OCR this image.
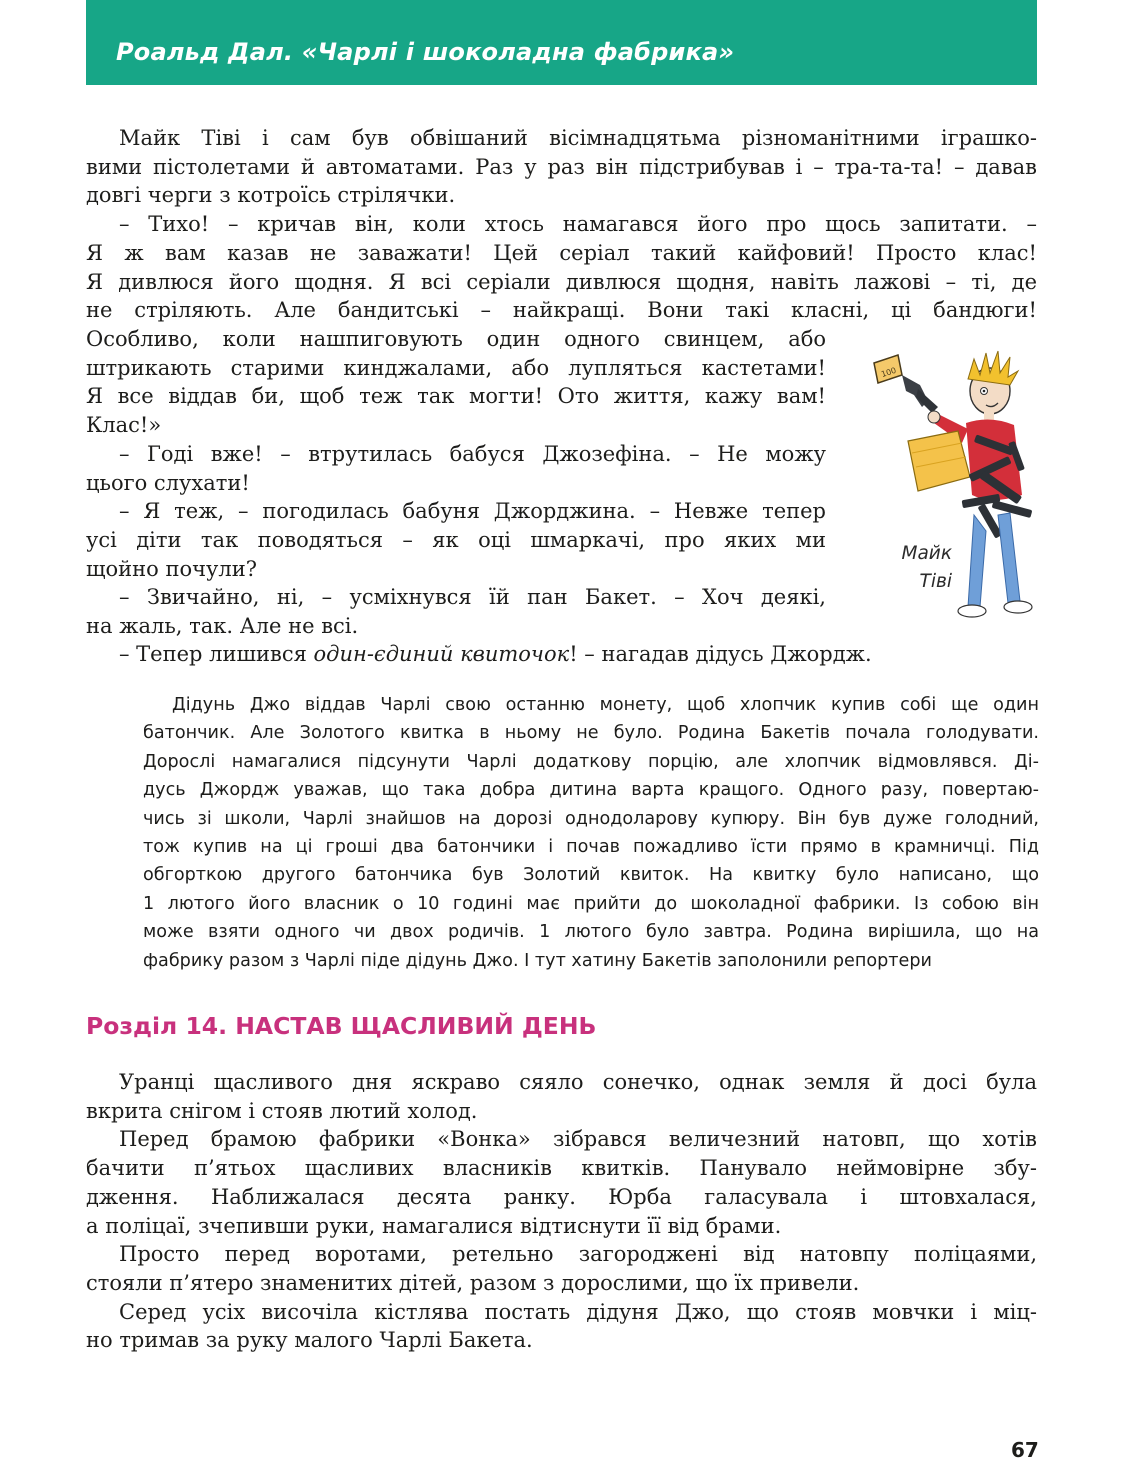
Роальд Дал. «Чарлі і шоколадна фабрика»

Майк Тіві і сам був обвішаний вісімнадцятьма різноманітними іграшко-
вими пістолетами й автоматами. Раз у раз він підстрибував і – тра-та-та! – давав
довгі черги з котроїсь стрілячки.

– Тихо! – кричав він, коли хтось намагався його про щось запитати. –
Я ж вам казав не заважати! Цей серіал такий кайфовий! Просто клас!
Я дивлюся його щодня. Я всі серіали дивлюся щодня, навіть лажові – ті, де
не стріляють. Але бандитські – найкращі. Вони такі класні, ці бандюги!

Особливо, коли нашпиговують один одного свинцем, або
штрикають старими кинджалами, або лупляться кастетами!
Я все віддав би, щоб теж так могти! Ото життя, кажу вам!
Клас!»

– Годі вже! – втрутилась бабуся Джозефіна. – Не можу
цього слухати!

– Я теж, – погодилась бабуня Джорджина. – Невже тепер
усі діти так поводяться – як оці шмаркачі, про яких ми
щойно почули?

– Звичайно, ні, – усміхнувся їй пан Бакет. – Хоч деякі,
на жаль, так. Але не всі.

– Тепер лишився один-єдиний квиточок! – нагадав дідусь Джордж.

100
Майк
Тіві

Дідунь Джо віддав Чарлі свою останню монету, щоб хлопчик купив собі ще один
батончик. Але Золотого квитка в ньому не було. Родина Бакетів почала голодувати.
Дорослі намагалися підсунути Чарлі додаткову порцію, але хлопчик відмовлявся. Ді-
дусь Джордж уважав, що така добра дитина варта кращого. Одного разу, повертаю-
чись зі школи, Чарлі знайшов на дорозі однодоларову купюру. Він був дуже голодний,
тож купив на ці гроші два батончики і почав пожадливо їсти прямо в крамничці. Під
обгорткою другого батончика був Золотий квиток. На квитку було написано, що
1 лютого його власник о 10 годині має прийти до шоколадної фабрики. Із собою він
може взяти одного чи двох родичів. 1 лютого було завтра. Родина вирішила, що на
фабрику разом з Чарлі піде дідунь Джо. І тут хатину Бакетів заполонили репортери

Розділ 14. НАСТАВ ЩАСЛИВИЙ ДЕНЬ

Уранці щасливого дня яскраво сяяло сонечко, однак земля й досі була
вкрита снігом і стояв лютий холод.

Перед брамою фабрики «Вонка» зібрався величезний натовп, що хотів
бачити п’ятьох щасливих власників квитків. Панувало неймовірне збу-
дження. Наближалася десята ранку. Юрба галасувала і штовхалася,
а поліцаї, зчепивши руки, намагалися відтиснути її від брами.

Просто перед воротами, ретельно загороджені від натовпу поліцаями,
стояли п’ятеро знаменитих дітей, разом з дорослими, що їх привели.

Серед усіх височіла кістлява постать дідуня Джо, що стояв мовчки і міц-
но тримав за руку малого Чарлі Бакета.

67
